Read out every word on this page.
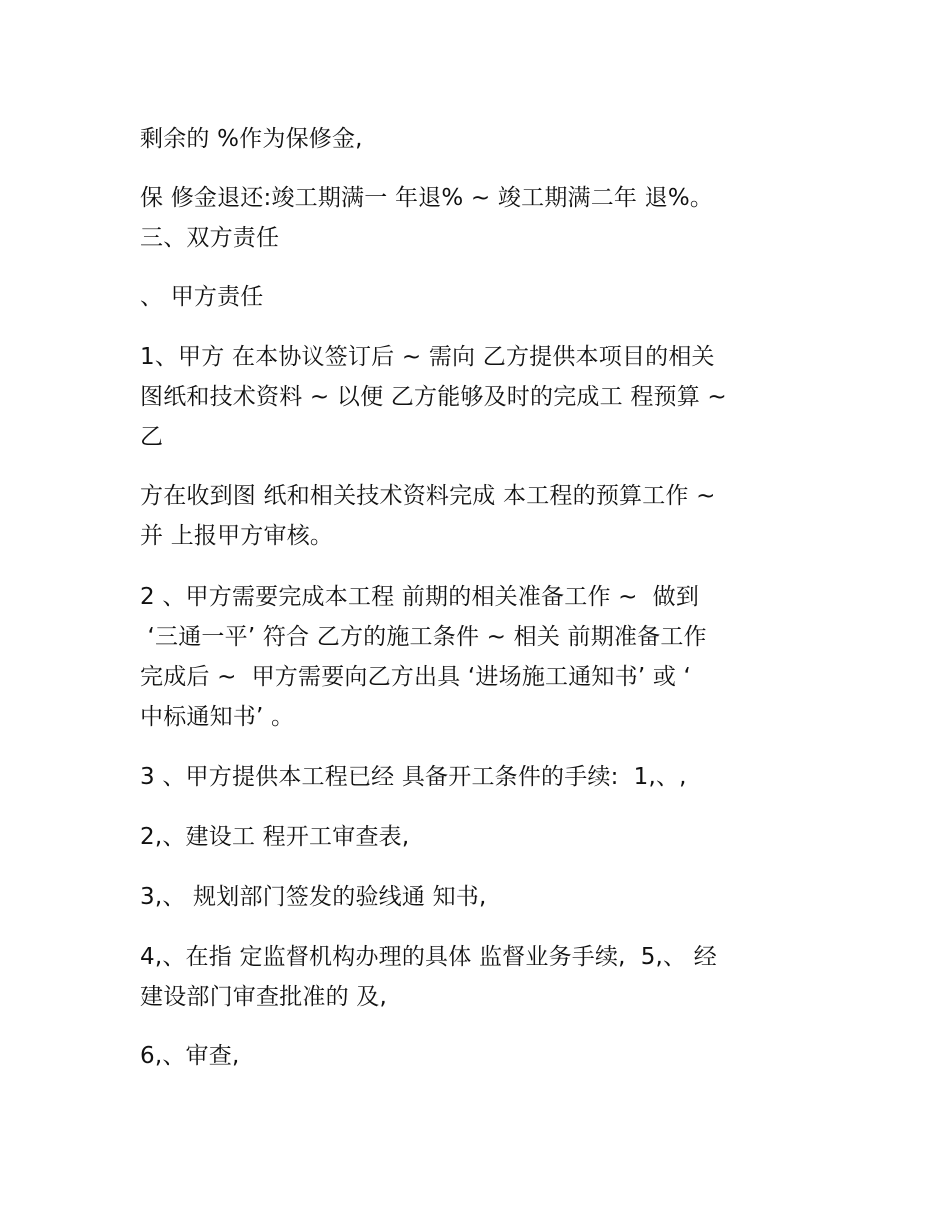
剩余的 %作为保修金,
保 修金退还:竣工期满一 年退% ~ 竣工期满二年 退%。
三、双方责任
、 甲方责任
1、甲方 在本协议签订后 ~ 需向 乙方提供本项目的相关
图纸和技术资料 ~ 以便 乙方能够及时的完成工 程预算 ~
乙
方在收到图 纸和相关技术资料完成 本工程的预算工作 ~
并 上报甲方审核。
2 、甲方需要完成本工程 前期的相关准备工作 ~  做到
‘三通一平’ 符合 乙方的施工条件 ~ 相关 前期准备工作
完成后 ~  甲方需要向乙方出具 ‘进场施工通知书’ 或 ‘
中标通知书’ 。
3 、甲方提供本工程已经 具备开工条件的手续:  1,、,
2,、建设工 程开工审查表,
3,、 规划部门签发的验线通 知书,
4,、在指 定监督机构办理的具体 监督业务手续,  5,、 经
建设部门审查批准的 及,
6,、审查,
